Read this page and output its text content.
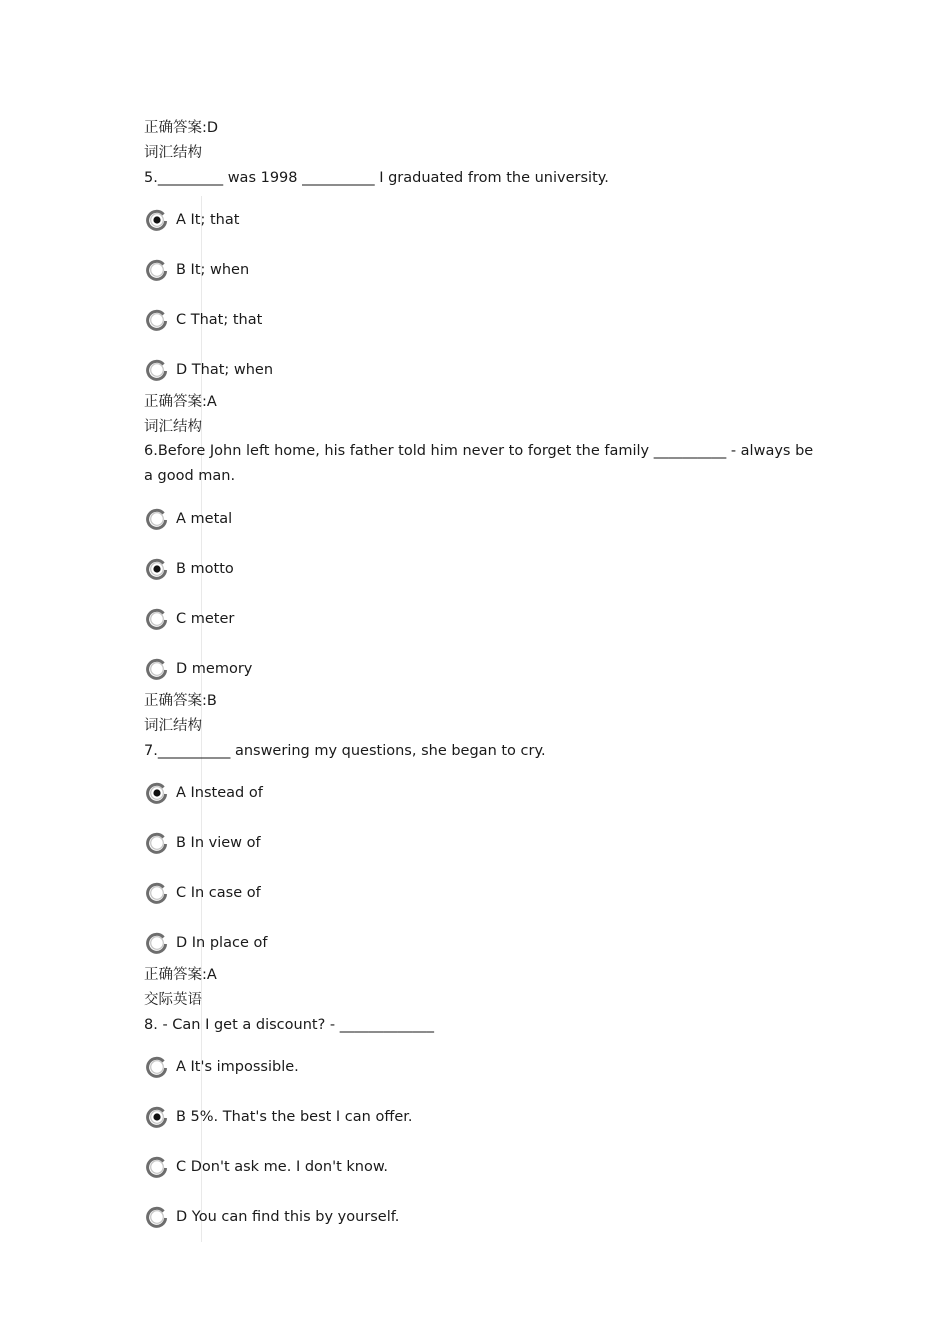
正确答案:D
词汇结构
5._________ was 1998 __________ I graduated from the university.
A It; that
B It; when
C That; that
D That; when
正确答案:A
词汇结构
6.Before John left home, his father told him never to forget the family __________ - always be a good man.
A metal
B motto
C meter
D memory
正确答案:B
词汇结构
7.__________ answering my questions, she began to cry.
A Instead of
B In view of
C In case of
D In place of
正确答案:A
交际英语
8. - Can I get a discount? - _____________
A It's impossible.
B 5%. That's the best I can offer.
C Don't ask me. I don't know.
D You can find this by yourself.
